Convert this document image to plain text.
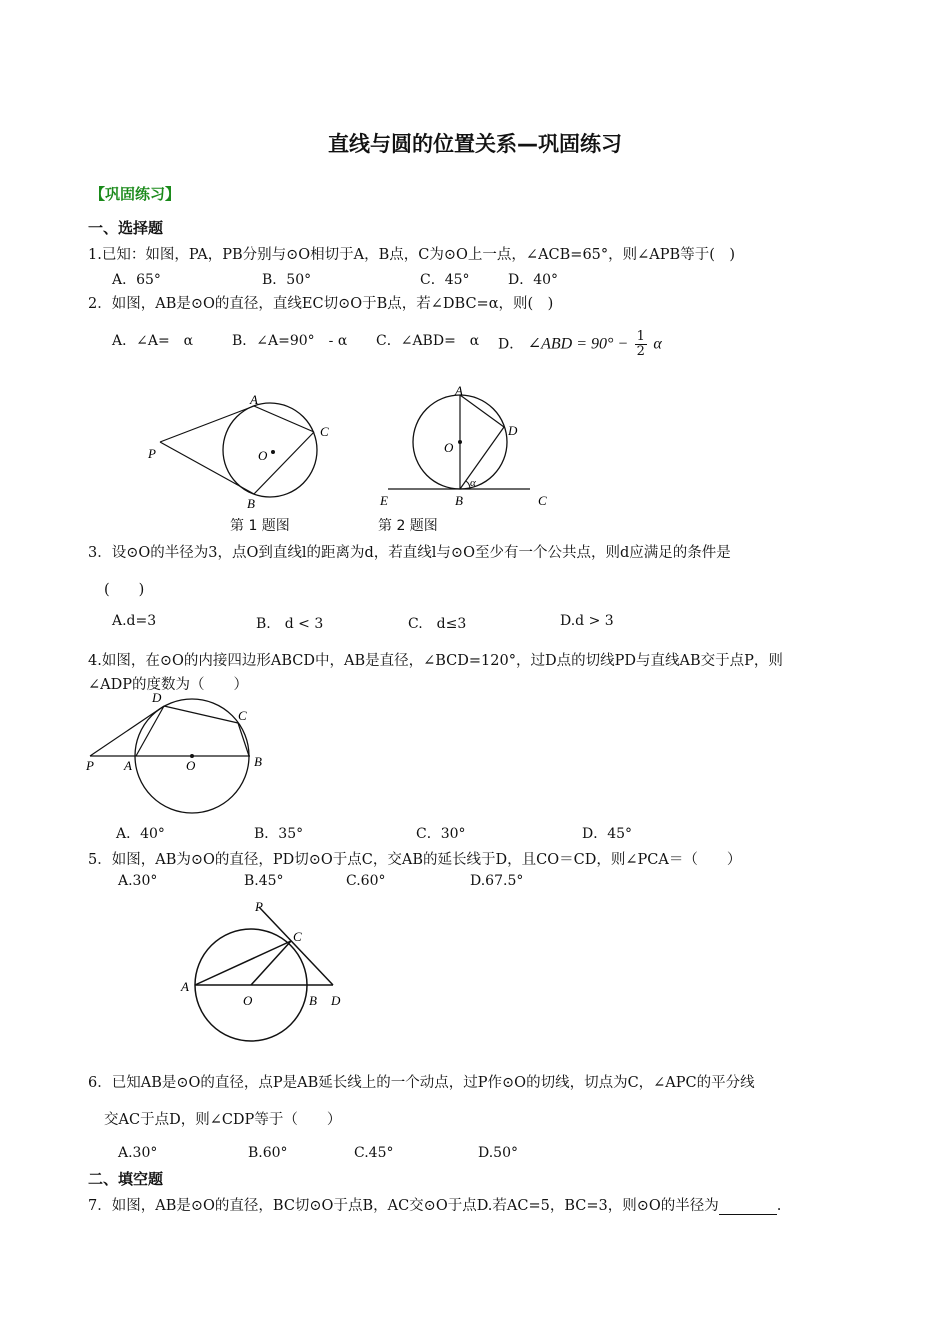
直线与圆的位置关系—巩固练习
【巩固练习】
一、选择题
1.已知：如图，PA，PB分别与⊙O相切于A，B点，C为⊙O上一点，∠ACB=65°，则∠APB等于(　)
A．65°	B．50°	C．45°	D．40°
2．如图，AB是⊙O的直径，直线EC切⊙O于B点，若∠DBC=α，则(　)
A．∠A=　α	B．∠A=90°　- α C．∠ABD=　α D． ∠ABD = $90^\circ - \frac{1}{2}$ α
A
B
C
P	O
第 1 题图
A
B	C
D
E
O
α
第 2 题图
3．设⊙O的半径为3，点O到直线l的距离为d，若直线l与⊙O至少有一个公共点，则d应满足的条件是
(　　)
A.d=3	B.　d < 3	C.　d≤3	D.d > 3
4.如图，在⊙O的内接四边形ABCD中，AB是直径，∠BCD=120°，过D点的切线PD与直线AB交于点P，则
∠ADP的度数为（　　）
D
C
P A	O	B
A．40°	B．35°	C．30°	D．45°
5．如图，AB为⊙O的直径，PD切⊙O于点C，交AB的延长线于D，且CO＝CD，则∠PCA＝（　　）
A.30°	B.45°	C.60°	D.67.5°
P
C
A
O	B D
6．已知AB是⊙O的直径，点P是AB延长线上的一个动点，过P作⊙O的切线，切点为C，∠APC的平分线
交AC于点D，则∠CDP等于（　　）
A.30°	B.60°	C.45°	D.50°
二、填空题
7．如图，AB是⊙O的直径，BC切⊙O于点B，AC交⊙O于点D.若AC=5，BC=3，则⊙O的半径为	.
